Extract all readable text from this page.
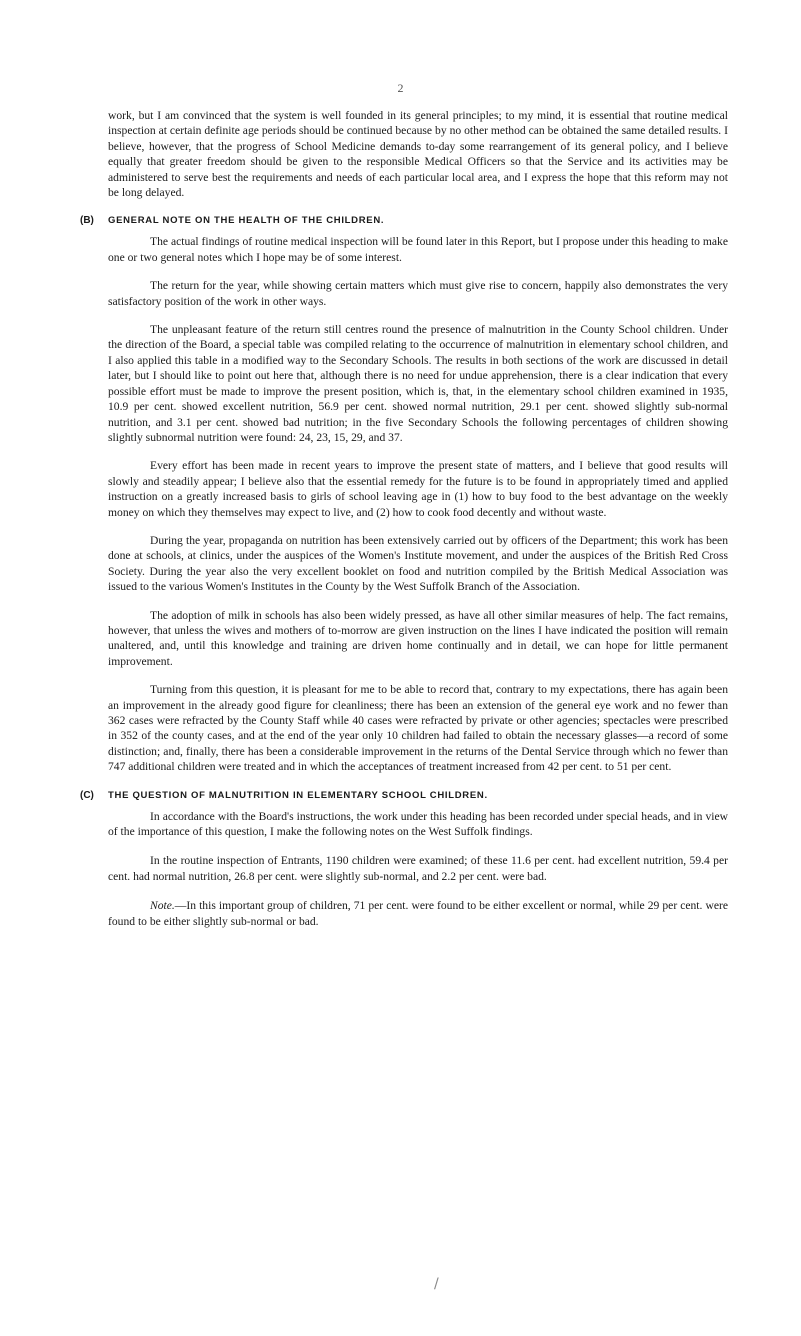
2

work, but I am convinced that the system is well founded in its general principles; to my mind, it is essential that routine medical inspection at certain definite age periods should be continued because by no other method can be obtained the same detailed results. I believe, however, that the progress of School Medicine demands to-day some rearrangement of its general policy, and I believe equally that greater freedom should be given to the responsible Medical Officers so that the Service and its activities may be administered to serve best the requirements and needs of each particular local area, and I express the hope that this reform may not be long delayed.

(B) GENERAL NOTE ON THE HEALTH OF THE CHILDREN.

The actual findings of routine medical inspection will be found later in this Report, but I propose under this heading to make one or two general notes which I hope may be of some interest.

The return for the year, while showing certain matters which must give rise to concern, happily also demonstrates the very satisfactory position of the work in other ways.

The unpleasant feature of the return still centres round the presence of malnutrition in the County School children. Under the direction of the Board, a special table was compiled relating to the occurrence of malnutrition in elementary school children, and I also applied this table in a modified way to the Secondary Schools. The results in both sections of the work are discussed in detail later, but I should like to point out here that, although there is no need for undue apprehension, there is a clear indication that every possible effort must be made to improve the present position, which is, that, in the elementary school children examined in 1935, 10.9 per cent. showed excellent nutrition, 56.9 per cent. showed normal nutrition, 29.1 per cent. showed slightly sub-normal nutrition, and 3.1 per cent. showed bad nutrition; in the five Secondary Schools the following percentages of children showing slightly subnormal nutrition were found: 24, 23, 15, 29, and 37.

Every effort has been made in recent years to improve the present state of matters, and I believe that good results will slowly and steadily appear; I believe also that the essential remedy for the future is to be found in appropriately timed and applied instruction on a greatly increased basis to girls of school leaving age in (1) how to buy food to the best advantage on the weekly money on which they themselves may expect to live, and (2) how to cook food decently and without waste.

During the year, propaganda on nutrition has been extensively carried out by officers of the Department; this work has been done at schools, at clinics, under the auspices of the Women's Institute movement, and under the auspices of the British Red Cross Society. During the year also the very excellent booklet on food and nutrition compiled by the British Medical Association was issued to the various Women's Institutes in the County by the West Suffolk Branch of the Association.

The adoption of milk in schools has also been widely pressed, as have all other similar measures of help. The fact remains, however, that unless the wives and mothers of to-morrow are given instruction on the lines I have indicated the position will remain unaltered, and, until this knowledge and training are driven home continually and in detail, we can hope for little permanent improvement.

Turning from this question, it is pleasant for me to be able to record that, contrary to my expectations, there has again been an improvement in the already good figure for cleanliness; there has been an extension of the general eye work and no fewer than 362 cases were refracted by the County Staff while 40 cases were refracted by private or other agencies; spectacles were prescribed in 352 of the county cases, and at the end of the year only 10 children had failed to obtain the necessary glasses—a record of some distinction; and, finally, there has been a considerable improvement in the returns of the Dental Service through which no fewer than 747 additional children were treated and in which the acceptances of treatment increased from 42 per cent. to 51 per cent.

(C) THE QUESTION OF MALNUTRITION IN ELEMENTARY SCHOOL CHILDREN.

In accordance with the Board's instructions, the work under this heading has been recorded under special heads, and in view of the importance of this question, I make the following notes on the West Suffolk findings.

In the routine inspection of Entrants, 1190 children were examined; of these 11.6 per cent. had excellent nutrition, 59.4 per cent. had normal nutrition, 26.8 per cent. were slightly sub-normal, and 2.2 per cent. were bad.

Note.—In this important group of children, 71 per cent. were found to be either excellent or normal, while 29 per cent. were found to be either slightly sub-normal or bad.

/
